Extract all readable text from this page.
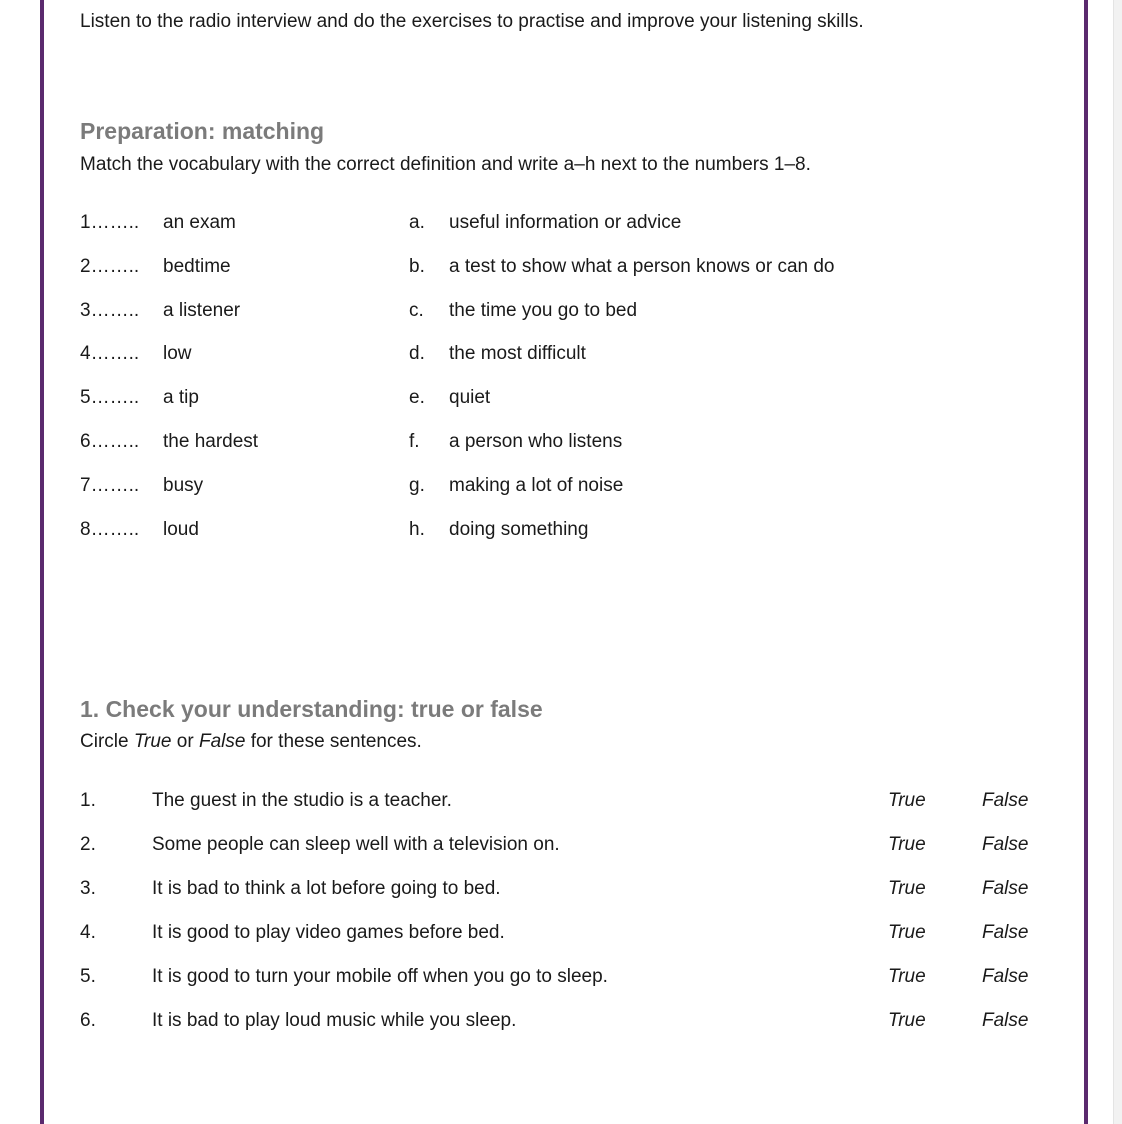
Listen to the radio interview and do the exercises to practise and improve your listening skills.
Preparation: matching
Match the vocabulary with the correct definition and write a–h next to the numbers 1–8.
1…….. an exam	a. useful information or advice
2…….. bedtime	b. a test to show what a person knows or can do
3…….. a listener	c. the time you go to bed
4…….. low	d. the most difficult
5…….. a tip	e. quiet
6…….. the hardest	f. a person who listens
7…….. busy	g. making a lot of noise
8…….. loud	h. doing something
1. Check your understanding: true or false
Circle True or False for these sentences.
1.	The guest in the studio is a teacher.	True	False
2.	Some people can sleep well with a television on.	True	False
3.	It is bad to think a lot before going to bed.	True	False
4.	It is good to play video games before bed.	True	False
5.	It is good to turn your mobile off when you go to sleep.	True	False
6.	It is bad to play loud music while you sleep.	True	False
